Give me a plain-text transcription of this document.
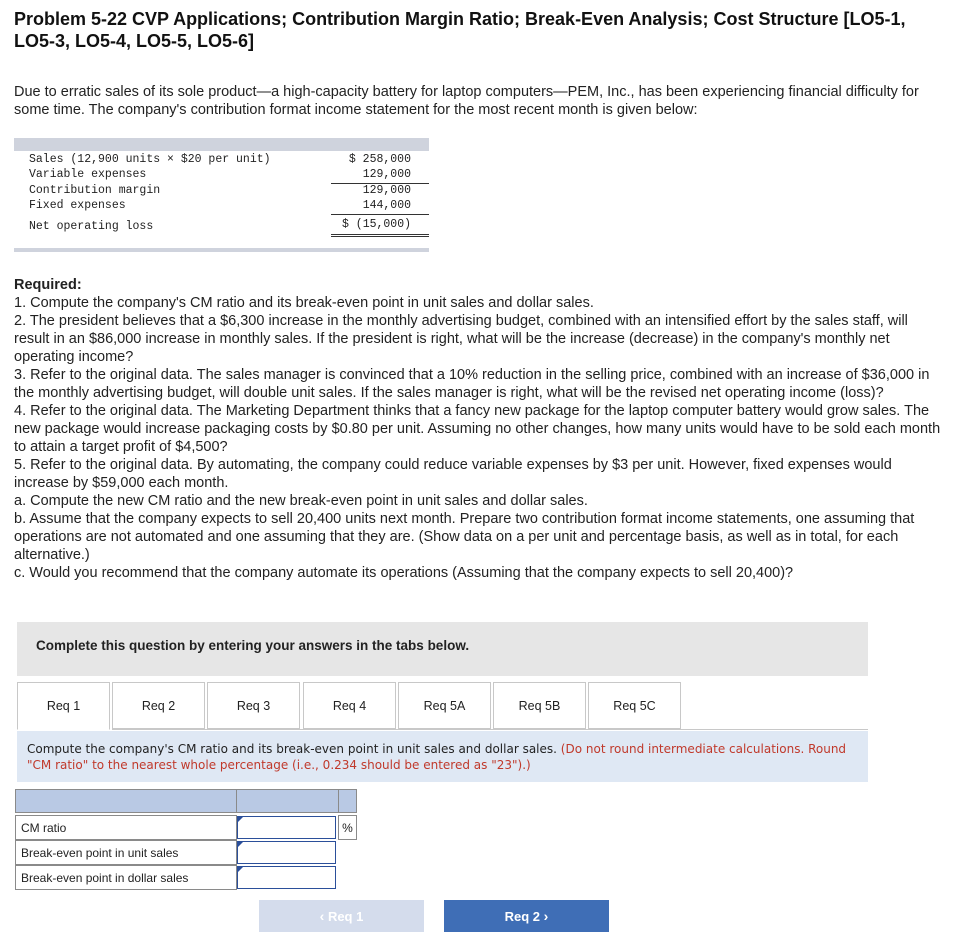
Problem 5-22 CVP Applications; Contribution Margin Ratio; Break-Even Analysis; Cost Structure [LO5-1, LO5-3, LO5-4, LO5-5, LO5-6]
Due to erratic sales of its sole product—a high-capacity battery for laptop computers—PEM, Inc., has been experiencing financial difficulty for some time. The company's contribution format income statement for the most recent month is given below:
Sales (12,900 units × $20 per unit)	$ 258,000
Variable expenses	129,000
Contribution margin	129,000
Fixed expenses	144,000
Net operating loss	$ (15,000)
Required:
1. Compute the company's CM ratio and its break-even point in unit sales and dollar sales.
2. The president believes that a $6,300 increase in the monthly advertising budget, combined with an intensified effort by the sales staff, will result in an $86,000 increase in monthly sales. If the president is right, what will be the increase (decrease) in the company's monthly net operating income?
3. Refer to the original data. The sales manager is convinced that a 10% reduction in the selling price, combined with an increase of $36,000 in the monthly advertising budget, will double unit sales. If the sales manager is right, what will be the revised net operating income (loss)?
4. Refer to the original data. The Marketing Department thinks that a fancy new package for the laptop computer battery would grow sales. The new package would increase packaging costs by $0.80 per unit. Assuming no other changes, how many units would have to be sold each month to attain a target profit of $4,500?
5. Refer to the original data. By automating, the company could reduce variable expenses by $3 per unit. However, fixed expenses would increase by $59,000 each month.
a. Compute the new CM ratio and the new break-even point in unit sales and dollar sales.
b. Assume that the company expects to sell 20,400 units next month. Prepare two contribution format income statements, one assuming that operations are not automated and one assuming that they are. (Show data on a per unit and percentage basis, as well as in total, for each alternative.)
c. Would you recommend that the company automate its operations (Assuming that the company expects to sell 20,400)?
Complete this question by entering your answers in the tabs below.
Req 1	Req 2	Req 3	Req 4	Req 5A	Req 5B	Req 5C

Compute the company's CM ratio and its break-even point in unit sales and dollar sales. (Do not round intermediate calculations. Round "CM ratio" to the nearest whole percentage (i.e., 0.234 should be entered as "23").)

CM ratio	%
Break-even point in unit sales
Break-even point in dollar sales
‹ Req 1	Req 2 ›
